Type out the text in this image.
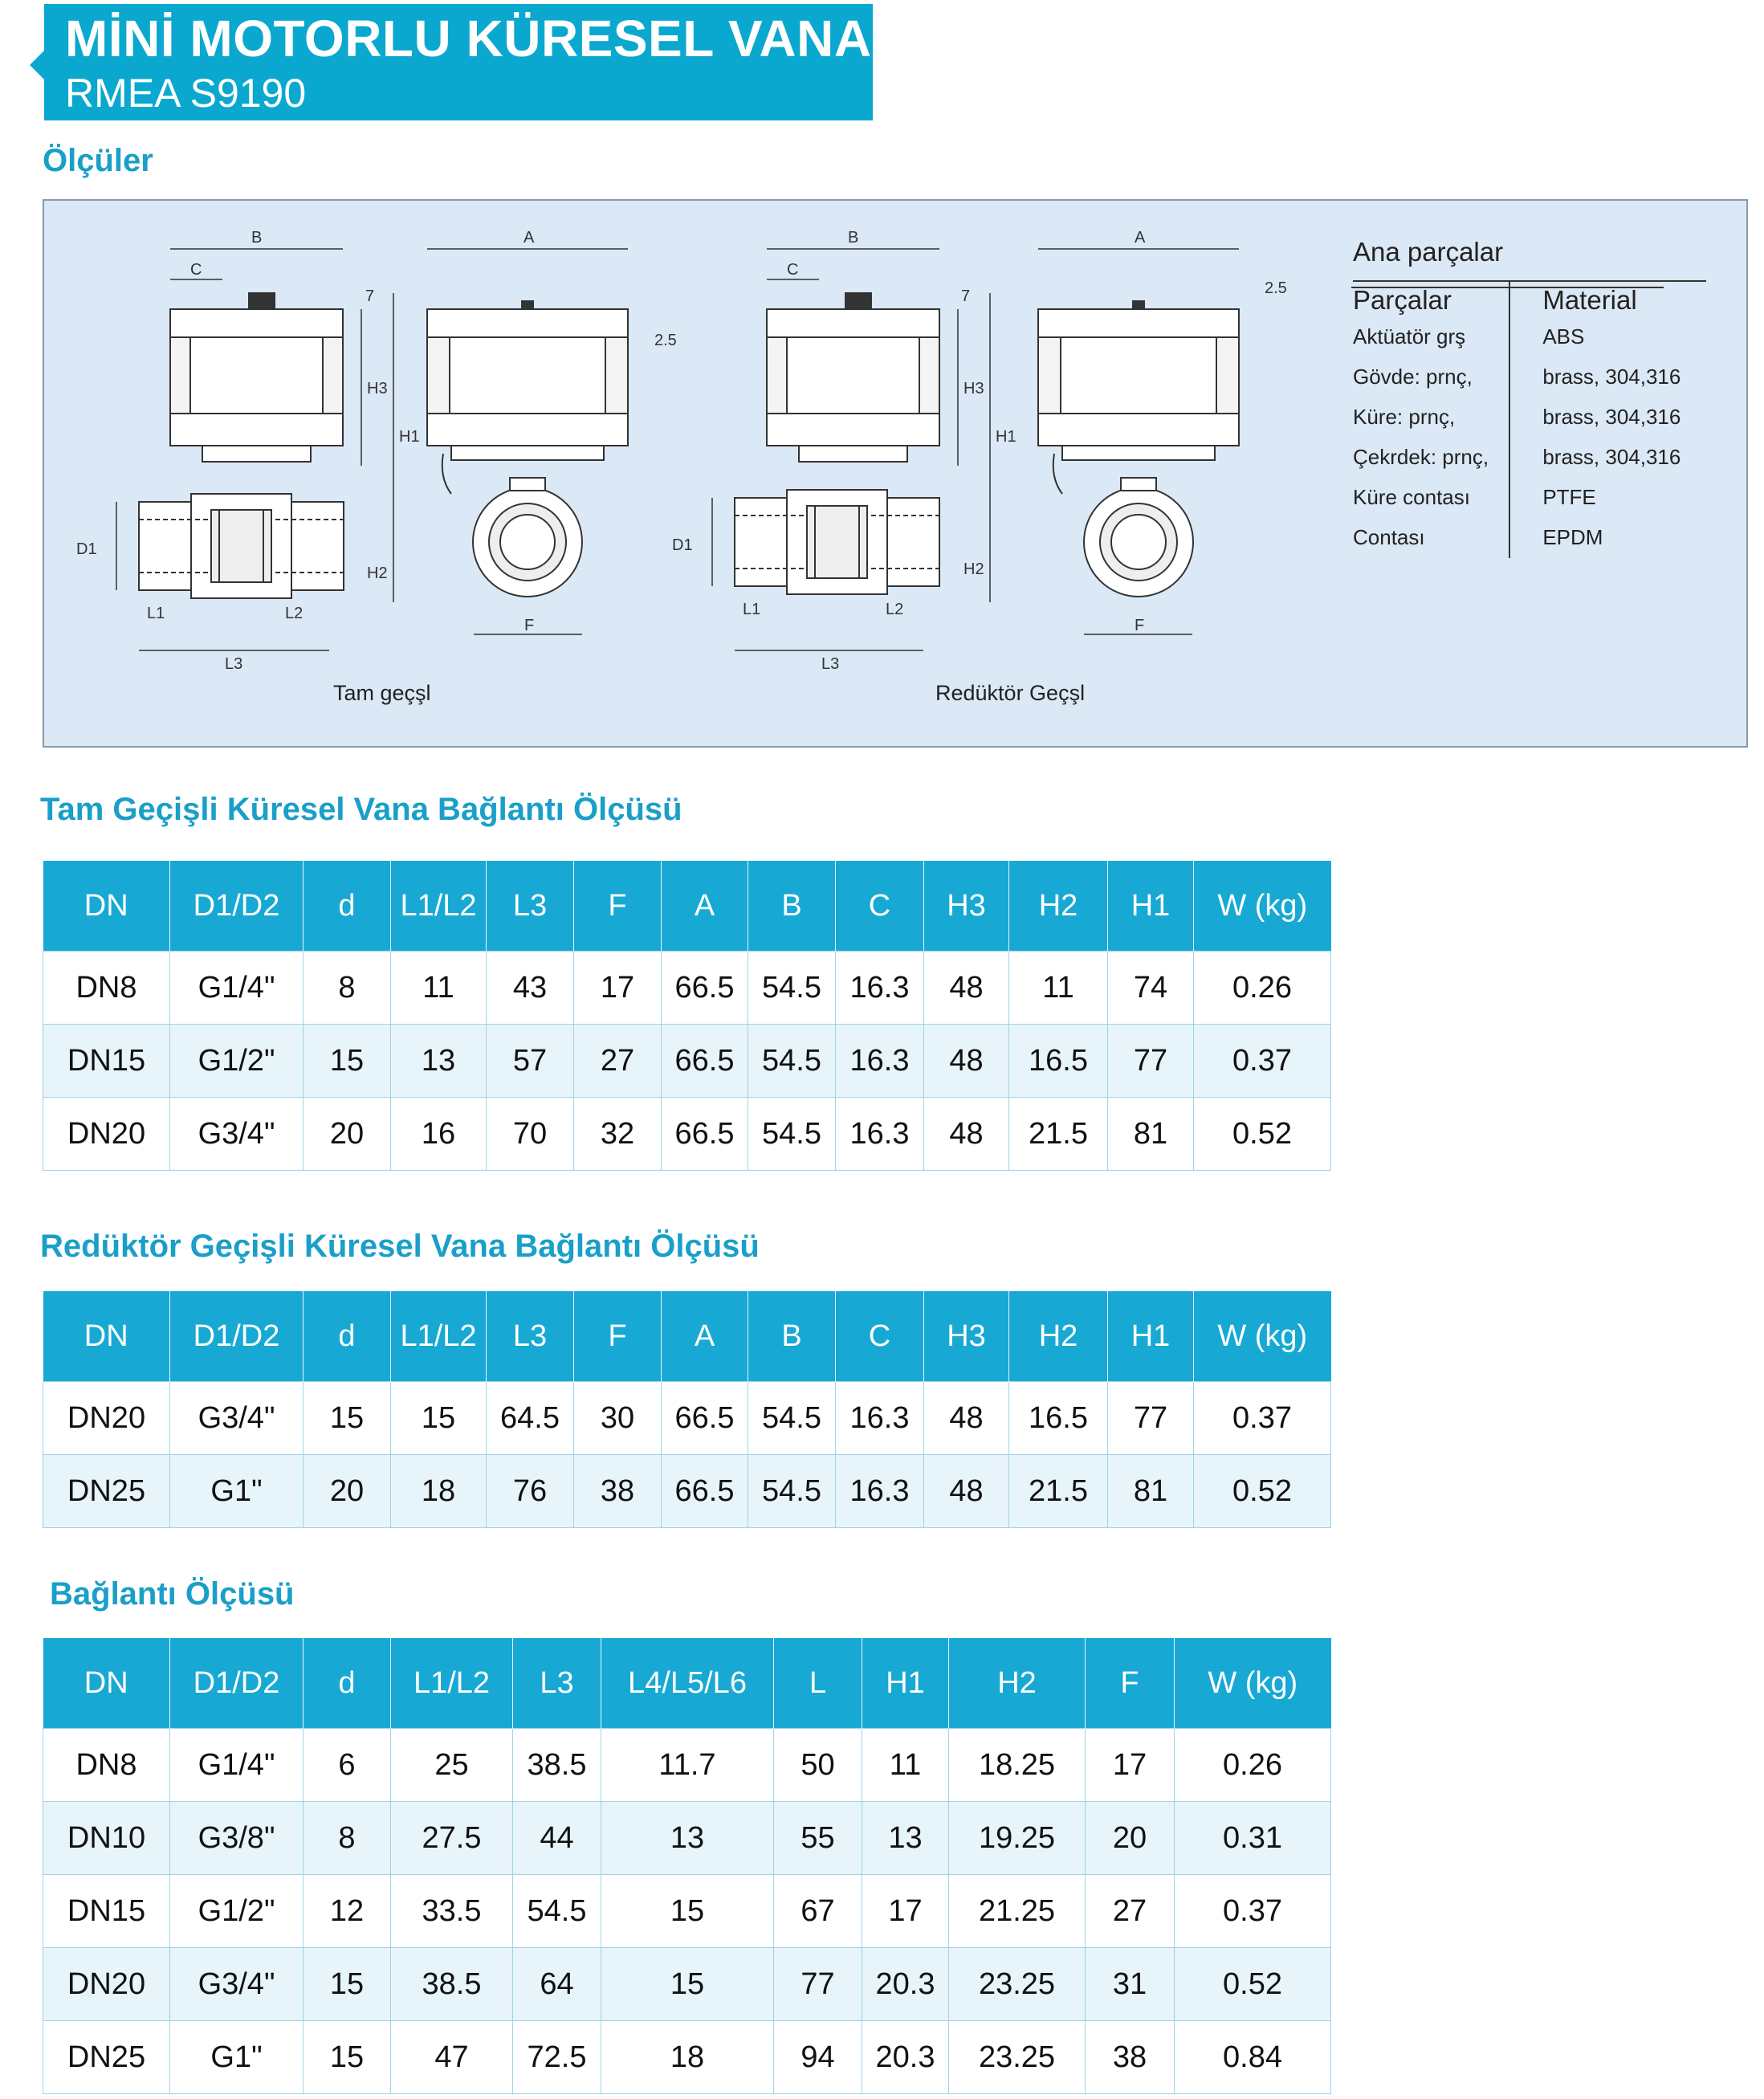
MİNİ MOTORLU KÜRESEL VANA
RMEA S9190
Ölçüler
B
C
A	B
C
A
L3
L1	L2
L3
L1	L2
F	F
D1	D1
H3
H1
H3
H1
H2	H2
7	7
2.5
2.5
Tam geçşl	Redüktör Geçşl
Ana parçalar
Parçalar	Material
Aktüatör grş	ABS
Gövde: prnç,	brass, 304,316
Küre: prnç,	brass, 304,316
Çekrdek: prnç,	brass, 304,316
Küre contası	PTFE
Contası	EPDM
Tam Geçişli Küresel Vana Bağlantı Ölçüsü
DN	D1/D2	d	L1/L2	L3	F	A	B	C	H3	H2	H1	W (kg)
DN8	G1/4"	8	11	43	17	66.5	54.5	16.3	48	11	74	0.26
DN15	G1/2"	15	13	57	27	66.5	54.5	16.3	48	16.5	77	0.37
DN20	G3/4"	20	16	70	32	66.5	54.5	16.3	48	21.5	81	0.52
Redüktör Geçişli Küresel Vana Bağlantı Ölçüsü
DN	D1/D2	d	L1/L2	L3	F	A	B	C	H3	H2	H1	W (kg)
DN20	G3/4"	15	15	64.5	30	66.5	54.5	16.3	48	16.5	77	0.37
DN25	G1"	20	18	76	38	66.5	54.5	16.3	48	21.5	81	0.52
Bağlantı Ölçüsü
DN	D1/D2	d	L1/L2	L3	L4/L5/L6	L	H1	H2	F	W (kg)
DN8	G1/4"	6	25	38.5	11.7	50	11	18.25	17	0.26
DN10	G3/8"	8	27.5	44	13	55	13	19.25	20	0.31
DN15	G1/2"	12	33.5	54.5	15	67	17	21.25	27	0.37
DN20	G3/4"	15	38.5	64	15	77	20.3	23.25	31	0.52
DN25	G1"	15	47	72.5	18	94	20.3	23.25	38	0.84
